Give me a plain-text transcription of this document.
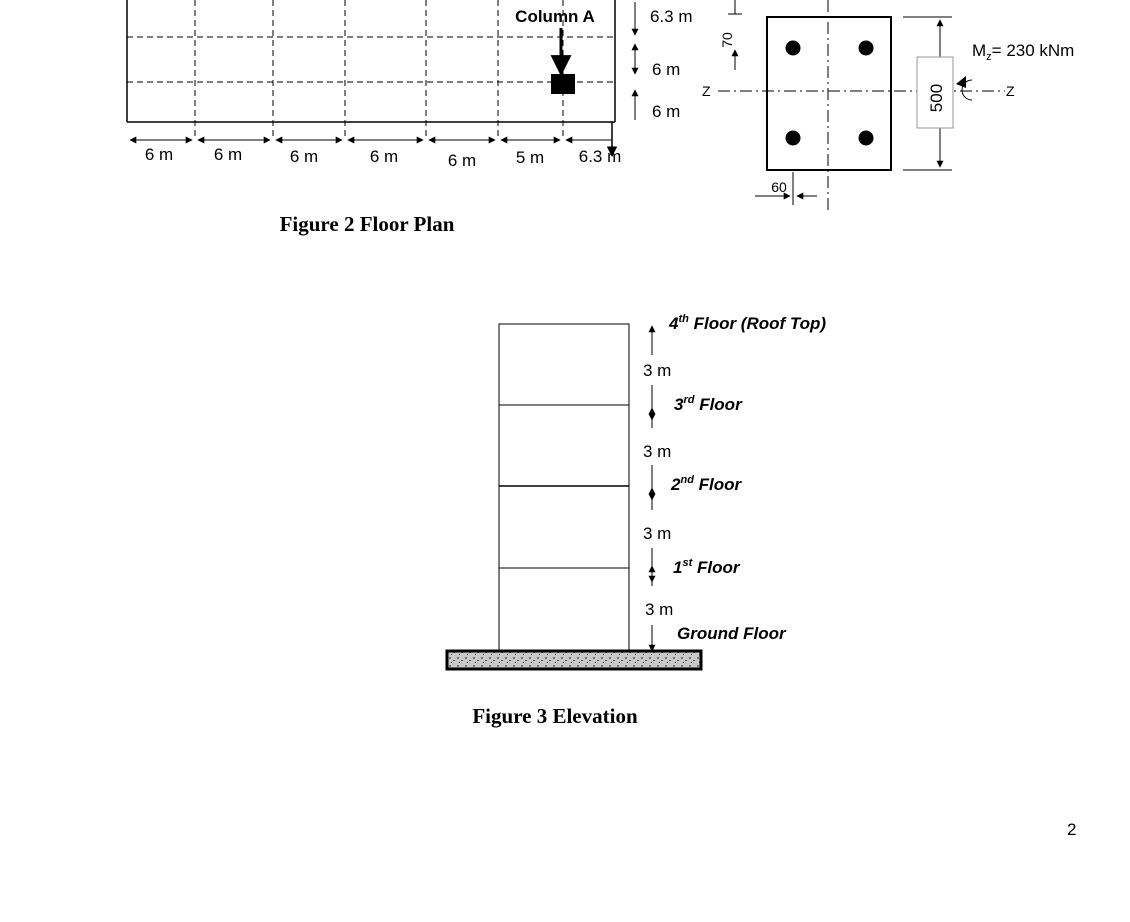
Column A
6 m 6 m	6 m	6 m	6 m 5 m 6.3 m
6.3 m
6 m
6 m
Figure 2 Floor Plan
70
Z	Z
500
$M_z= 230$ kNm
60
3 m
3 m
3 m
3 m
4th Floor (Roof Top)
3rd Floor
2nd Floor
1st Floor
Ground Floor
Figure 3 Elevation
2
